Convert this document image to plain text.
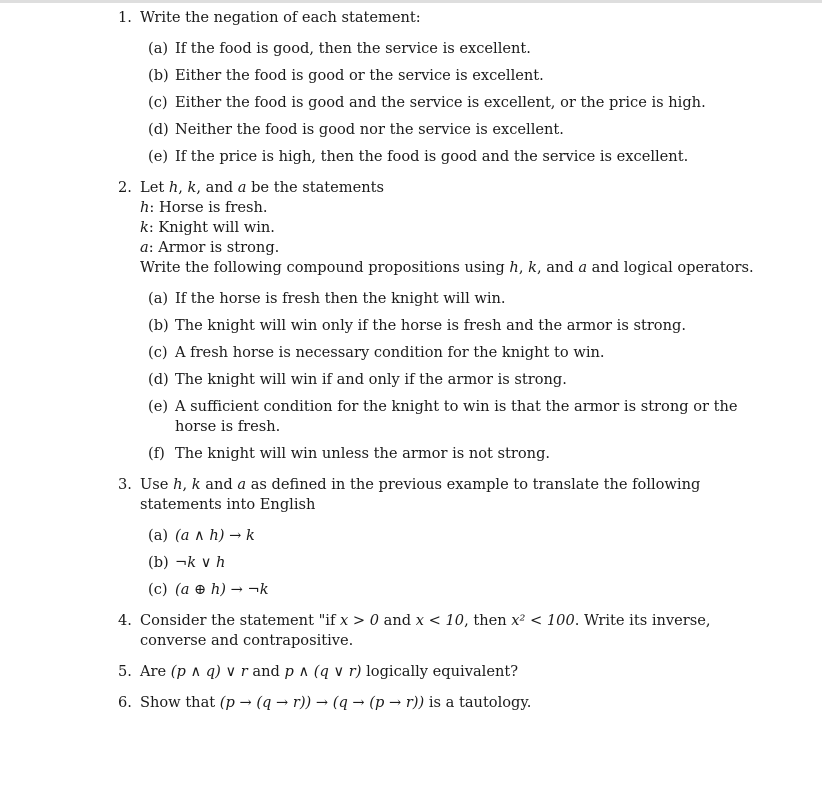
1. Write the negation of each statement:
(a) If the food is good, then the service is excellent.
(b) Either the food is good or the service is excellent.
(c) Either the food is good and the service is excellent, or the price is high.
(d) Neither the food is good nor the service is excellent.
(e) If the price is high, then the food is good and the service is excellent.
2. Let h, k, and a be the statements
h: Horse is fresh.
k: Knight will win.
a: Armor is strong.
Write the following compound propositions using h, k, and a and logical operators.
(a) If the horse is fresh then the knight will win.
(b) The knight will win only if the horse is fresh and the armor is strong.
(c) A fresh horse is necessary condition for the knight to win.
(d) The knight will win if and only if the armor is strong.
(e) A sufficient condition for the knight to win is that the armor is strong or the horse is fresh.
(f) The knight will win unless the armor is not strong.
3. Use h, k and a as defined in the previous example to translate the following statements into English
(a) (a ∧ h) → k
(b) ¬k ∨ h
(c) (a ⊕ h) → ¬k
4. Consider the statement "if x > 0 and x < 10, then x² < 100. Write its inverse, converse and contrapositive.
5. Are (p ∧ q) ∨ r and p ∧ (q ∨ r) logically equivalent?
6. Show that (p → (q → r)) → (q → (p → r)) is a tautology.
